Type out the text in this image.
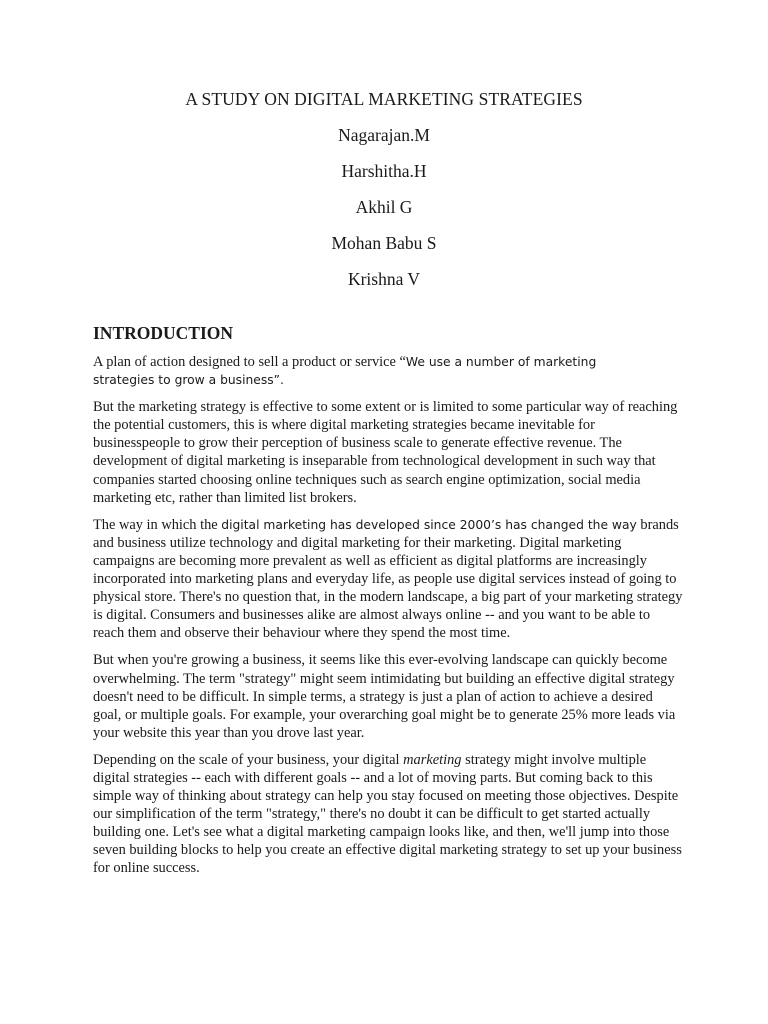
A STUDY ON DIGITAL MARKETING STRATEGIES
Nagarajan.M
Harshitha.H
Akhil G
Mohan Babu S
Krishna V
INTRODUCTION

A plan of action designed to sell a product or service “We use a number of marketing
strategies to grow a business”.

But the marketing strategy is effective to some extent or is limited to some particular way of reaching the potential customers, this is where digital marketing strategies became inevitable for businesspeople to grow their perception of business scale to generate effective revenue. The development of digital marketing is inseparable from technological development in such way that companies started choosing online techniques such as search engine optimization, social media marketing etc, rather than limited list brokers.

The way in which the digital marketing has developed since 2000’s has changed the way brands and business utilize technology and digital marketing for their marketing. Digital marketing campaigns are becoming more prevalent as well as efficient as digital platforms are increasingly incorporated into marketing plans and everyday life, as people use digital services instead of going to physical store. There's no question that, in the modern landscape, a big part of your marketing strategy is digital. Consumers and businesses alike are almost always online -- and you want to be able to reach them and observe their behaviour where they spend the most time.

But when you're growing a business, it seems like this ever-evolving landscape can quickly become overwhelming. The term "strategy" might seem intimidating but building an effective digital strategy doesn't need to be difficult. In simple terms, a strategy is just a plan of action to achieve a desired goal, or multiple goals. For example, your overarching goal might be to generate 25% more leads via your website this year than you drove last year.

Depending on the scale of your business, your digital marketing strategy might involve multiple digital strategies -- each with different goals -- and a lot of moving parts. But coming back to this simple way of thinking about strategy can help you stay focused on meeting those objectives. Despite our simplification of the term "strategy," there's no doubt it can be difficult to get started actually building one. Let's see what a digital marketing campaign looks like, and then, we'll jump into those seven building blocks to help you create an effective digital marketing strategy to set up your business for online success.
